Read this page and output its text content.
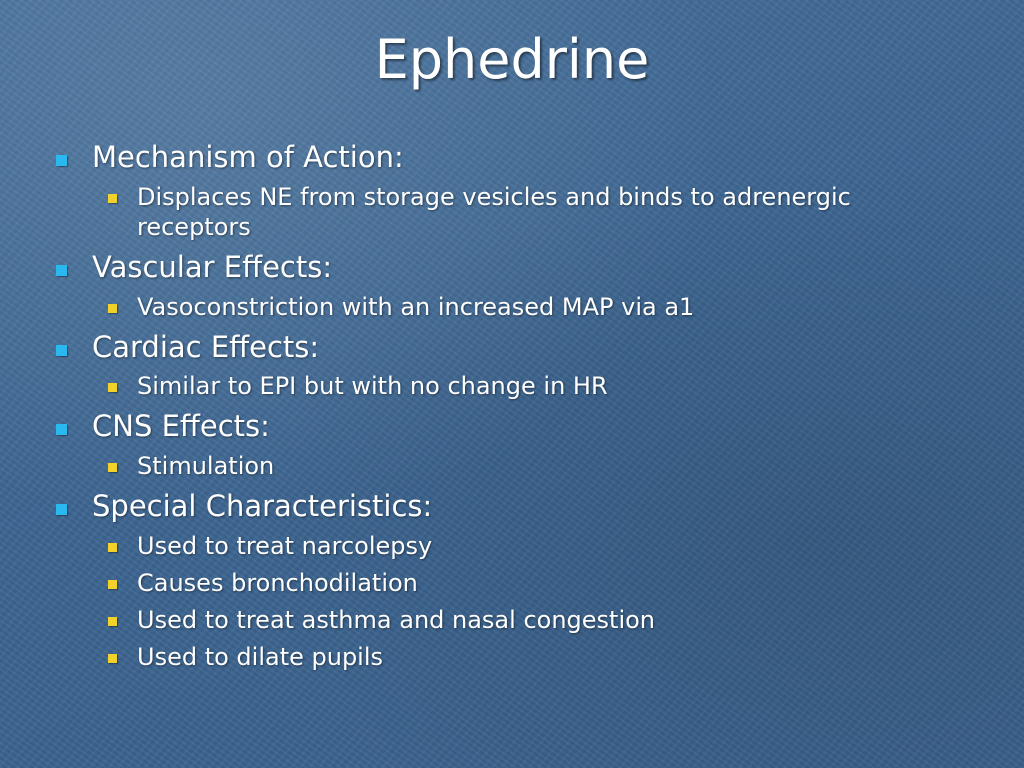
Ephedrine
Mechanism of Action:
Displaces NE from storage vesicles and binds to adrenergic receptors
Vascular Effects:
Vasoconstriction with an increased MAP via a1
Cardiac Effects:
Similar to EPI but with no change in HR
CNS Effects:
Stimulation
Special Characteristics:
Used to treat narcolepsy
Causes bronchodilation
Used to treat asthma and nasal congestion
Used to dilate pupils
